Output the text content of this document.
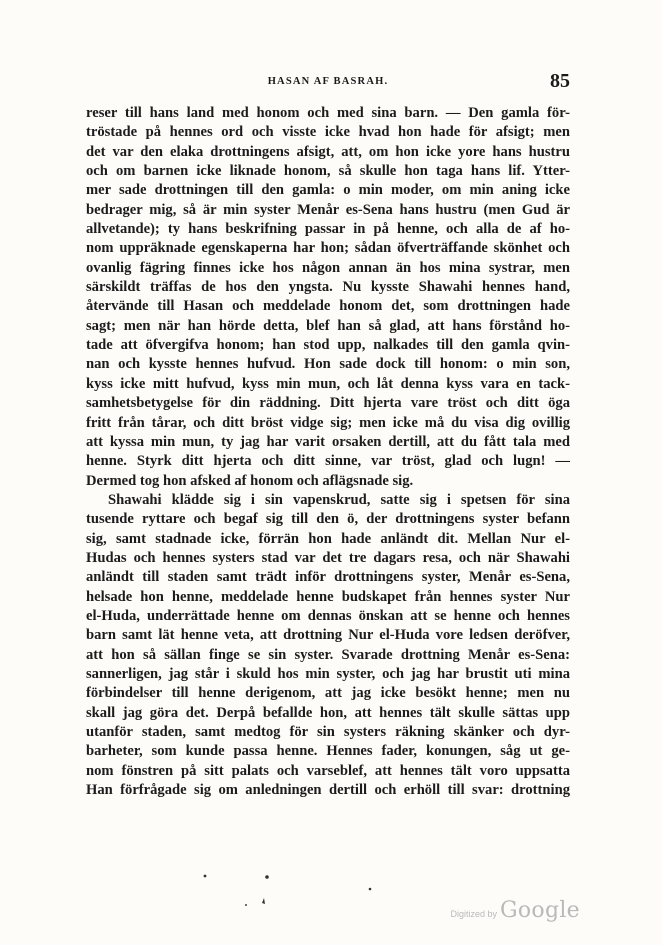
HASAN AF BASRAH.	85
reser till hans land med honom och med sina barn. — Den gamla för-
tröstade på hennes ord och visste icke hvad hon hade för afsigt; men
det var den elaka drottningens afsigt, att, om hon icke yore hans hustru
och om barnen icke liknade honom, så skulle hon taga hans lif. Ytter-
mer sade drottningen till den gamla: o min moder, om min aning icke
bedrager mig, så är min syster Menår es-Sena hans hustru (men Gud är
allvetande); ty hans beskrifning passar in på henne, och alla de af ho-
nom uppräknade egenskaperna har hon; sådan öfverträffande skönhet och
ovanlig fägring finnes icke hos någon annan än hos mina systrar, men
särskildt träffas de hos den yngsta. Nu kysste Shawahi hennes hand,
återvände till Hasan och meddelade honom det, som drottningen hade
sagt; men när han hörde detta, blef han så glad, att hans förstånd ho-
tade att öfvergifva honom; han stod upp, nalkades till den gamla qvin-
nan och kysste hennes hufvud. Hon sade dock till honom: o min son,
kyss icke mitt hufvud, kyss min mun, och låt denna kyss vara en tack-
samhetsbetygelse för din räddning. Ditt hjerta vare tröst och ditt öga
fritt från tårar, och ditt bröst vidge sig; men icke må du visa dig ovillig
att kyssa min mun, ty jag har varit orsaken dertill, att du fått tala med
henne. Styrk ditt hjerta och ditt sinne, var tröst, glad och lugn! —
Dermed tog hon afsked af honom och aflägsnade sig.
Shawahi klädde sig i sin vapenskrud, satte sig i spetsen för sina
tusende ryttare och begaf sig till den ö, der drottningens syster befann
sig, samt stadnade icke, förrän hon hade anländt dit. Mellan Nur el-
Hudas och hennes systers stad var det tre dagars resa, och när Shawahi
anländt till staden samt trädt inför drottningens syster, Menår es-Sena,
helsade hon henne, meddelade henne budskapet från hennes syster Nur
el-Huda, underrättade henne om dennas önskan att se henne och hennes
barn samt lät henne veta, att drottning Nur el-Huda vore ledsen deröfver,
att hon så sällan finge se sin syster. Svarade drottning Menår es-Sena:
sannerligen, jag står i skuld hos min syster, och jag har brustit uti mina
förbindelser till henne derigenom, att jag icke besökt henne; men nu
skall jag göra det. Derpå befallde hon, att hennes tält skulle sättas upp
utanför staden, samt medtog för sin systers räkning skänker och dyr-
barheter, som kunde passa henne. Hennes fader, konungen, såg ut ge-
nom fönstren på sitt palats och varseblef, att hennes tält voro uppsatta
Han förfrågade sig om anledningen dertill och erhöll till svar: drottning
Digitized by Google
